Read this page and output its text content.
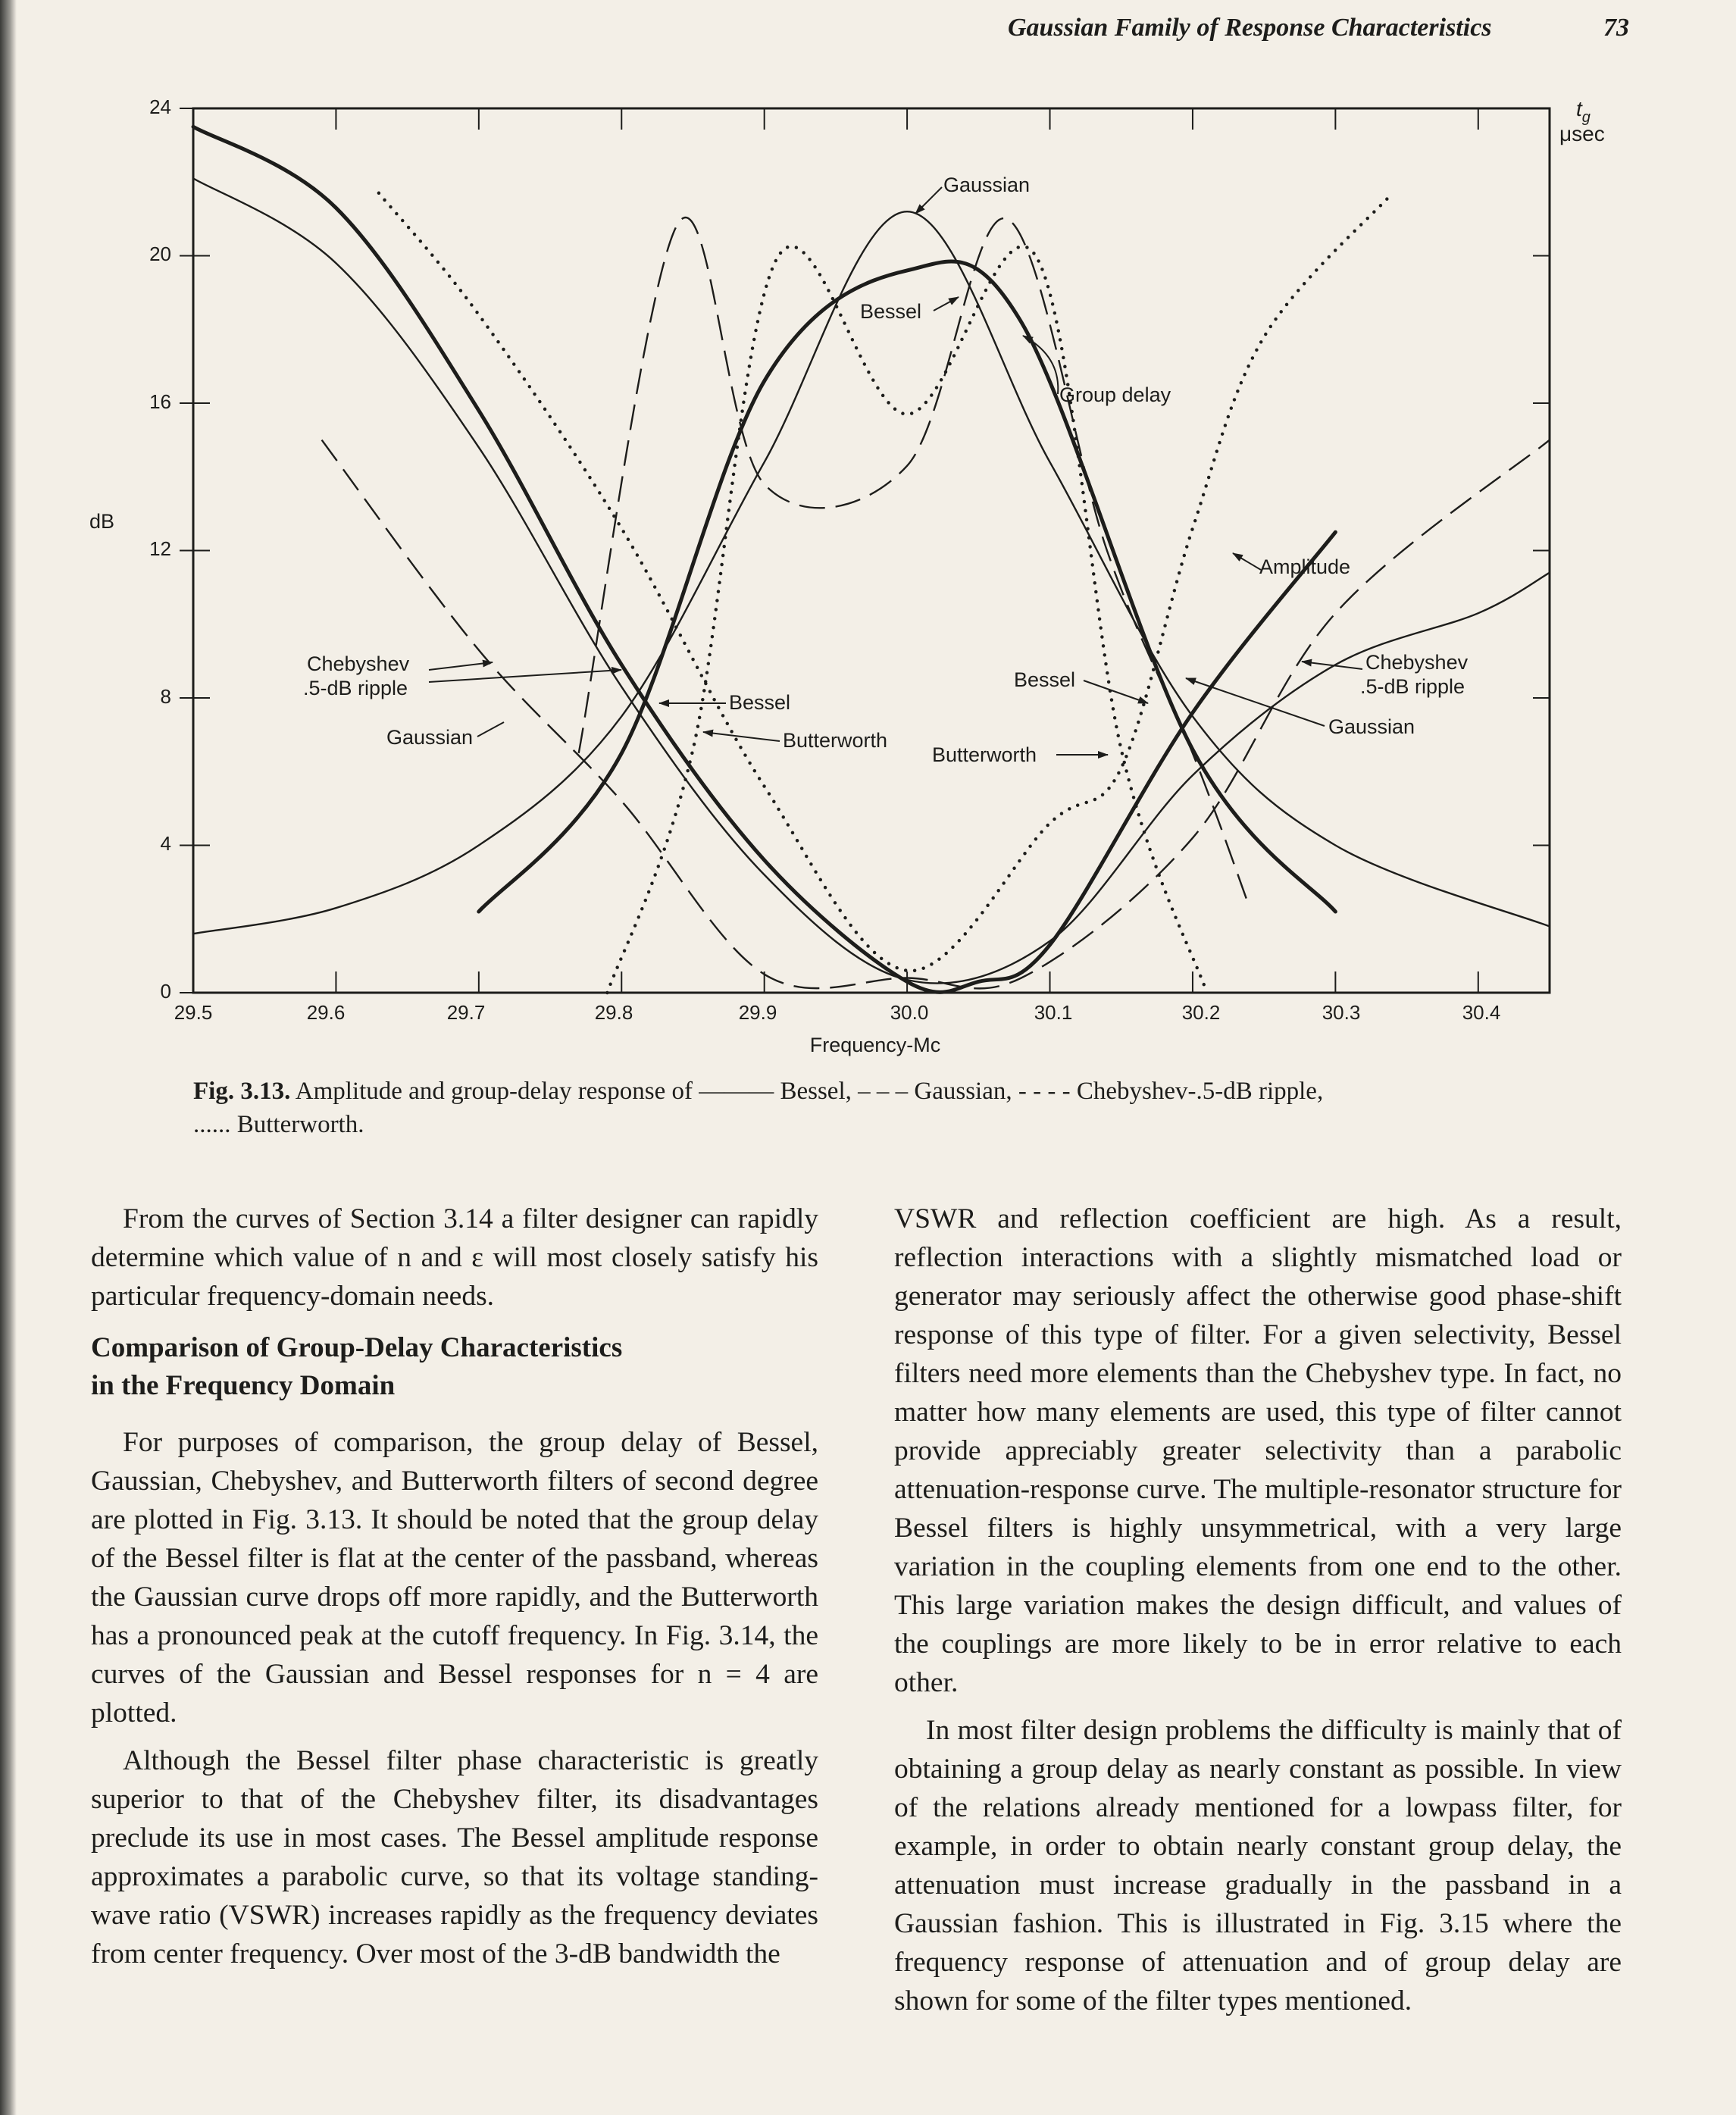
Gaussian Family of Response Characteristics	73
0
4
8
12
16
20
24
29.5	29.6	29.7	29.8	29.9	30.0	30.1	30.2	30.3	30.4
Frequency-Mc
dB
$t_g$
μsec
Gaussian
Bessel
Group delay
Amplitude
Chebyshev
.5-dB ripple
Gaussian
Bessel
Butterworth
Bessel
Butterworth
Chebyshev
.5-dB ripple
Gaussian
Fig. 3.13. Amplitude and group-delay response of ——— Bessel, – – – Gaussian, - - - - Chebyshev-.5-dB ripple,
...... Butterworth.

From the curves of Section 3.14 a filter designer can rapidly determine which value of n and ε will most closely satisfy his particular frequency-domain needs.

Comparison of Group-Delay Characteristics
in the Frequency Domain

For purposes of comparison, the group delay of Bessel, Gaussian, Chebyshev, and Butterworth filters of second degree are plotted in Fig. 3.13. It should be noted that the group delay of the Bessel filter is flat at the center of the passband, whereas the Gaussian curve drops off more rapidly, and the Butterworth has a pronounced peak at the cutoff frequency. In Fig. 3.14, the curves of the Gaussian and Bessel responses for n = 4 are plotted.

Although the Bessel filter phase characteristic is greatly superior to that of the Chebyshev filter, its disadvantages preclude its use in most cases. The Bessel amplitude response approximates a parabolic curve, so that its voltage standing-wave ratio (VSWR) increases rapidly as the frequency deviates from center frequency. Over most of the 3-dB bandwidth the

VSWR and reflection coefficient are high. As a result, reflection interactions with a slightly mismatched load or generator may seriously affect the otherwise good phase-shift response of this type of filter. For a given selectivity, Bessel filters need more elements than the Chebyshev type. In fact, no matter how many elements are used, this type of filter cannot provide appreciably greater selectivity than a parabolic attenuation-response curve. The multiple-resonator structure for Bessel filters is highly unsymmetrical, with a very large variation in the coupling elements from one end to the other. This large variation makes the design difficult, and values of the couplings are more likely to be in error relative to each other.

In most filter design problems the difficulty is mainly that of obtaining a group delay as nearly constant as possible. In view of the relations already mentioned for a lowpass filter, for example, in order to obtain nearly constant group delay, the attenuation must increase gradually in the passband in a Gaussian fashion. This is illustrated in Fig. 3.15 where the frequency response of attenuation and of group delay are shown for some of the filter types mentioned.
